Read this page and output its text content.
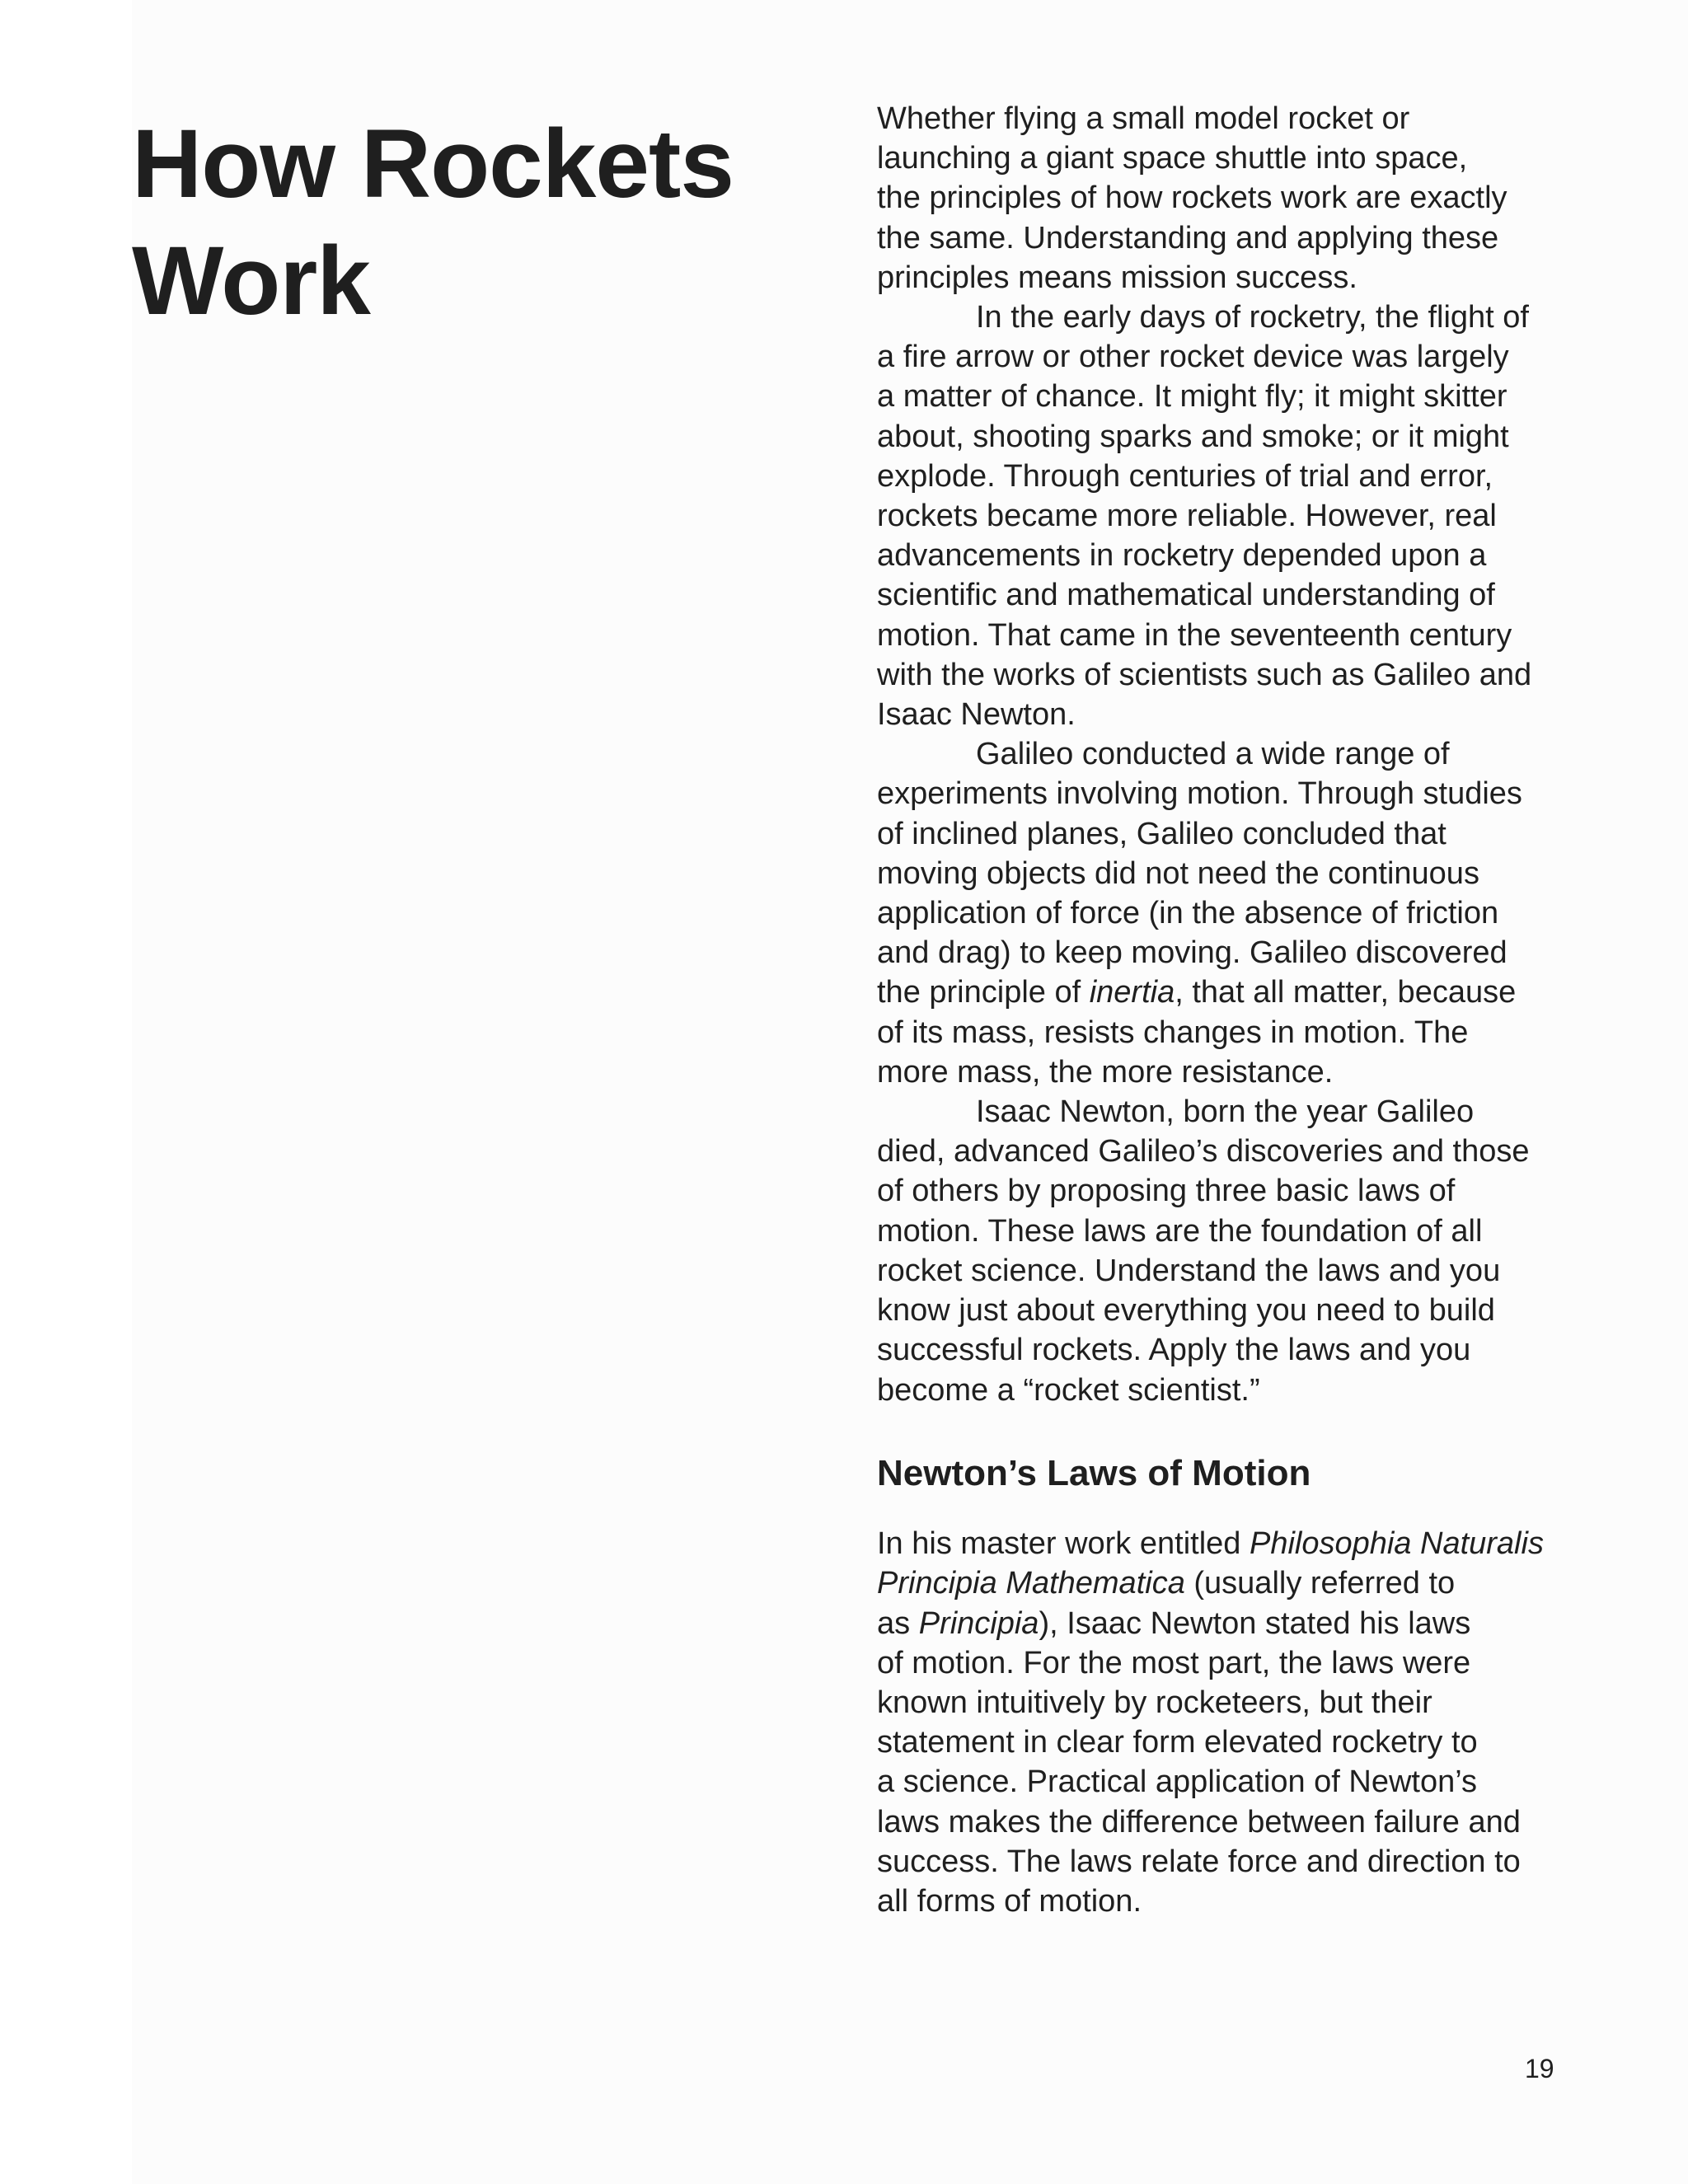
How Rockets
Work
Whether flying a small model rocket or
launching a giant space shuttle into space,
the principles of how rockets work are exactly
the same. Understanding and applying these
principles means mission success.
In the early days of rocketry, the flight of
a fire arrow or other rocket device was largely
a matter of chance. It might fly; it might skitter
about, shooting sparks and smoke; or it might
explode. Through centuries of trial and error,
rockets became more reliable. However, real
advancements in rocketry depended upon a
scientific and mathematical understanding of
motion. That came in the seventeenth century
with the works of scientists such as Galileo and
Isaac Newton.
Galileo conducted a wide range of
experiments involving motion. Through studies
of inclined planes, Galileo concluded that
moving objects did not need the continuous
application of force (in the absence of friction
and drag) to keep moving. Galileo discovered
the principle of inertia, that all matter, because
of its mass, resists changes in motion. The
more mass, the more resistance.
Isaac Newton, born the year Galileo
died, advanced Galileo’s discoveries and those
of others by proposing three basic laws of
motion. These laws are the foundation of all
rocket science. Understand the laws and you
know just about everything you need to build
successful rockets. Apply the laws and you
become a “rocket scientist.”
Newton’s Laws of Motion
In his master work entitled Philosophia Naturalis
Principia Mathematica (usually referred to
as Principia), Isaac Newton stated his laws
of motion. For the most part, the laws were
known intuitively by rocketeers, but their
statement in clear form elevated rocketry to
a science. Practical application of Newton’s
laws makes the difference between failure and
success. The laws relate force and direction to
all forms of motion.
19
